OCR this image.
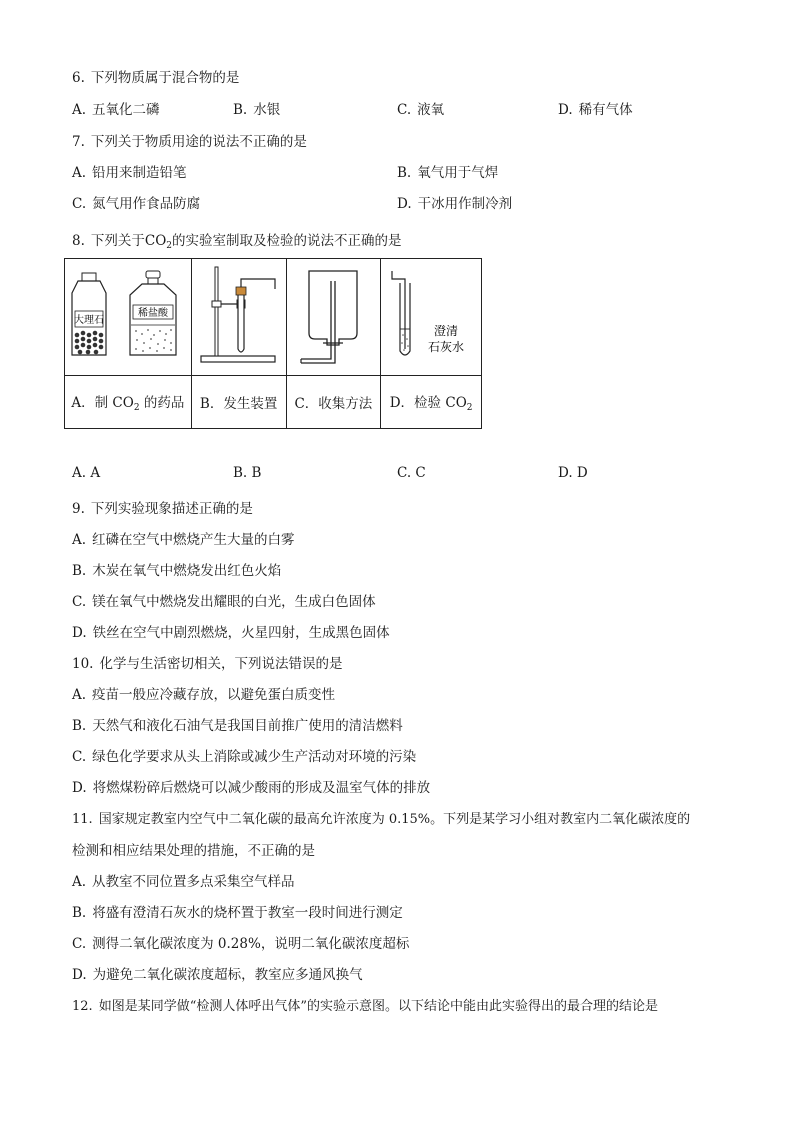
6. 下列物质属于混合物的是
A. 五氧化二磷	B. 水银	C. 液氧	D. 稀有气体
7. 下列关于物质用途的说法不正确的是
A. 铅用来制造铅笔	B. 氧气用于气焊
C. 氮气用作食品防腐	D. 干冰用作制冷剂
8. 下列关于$CO_2$的实验室制取及检验的说法不正确的是
大理石
稀盐酸			澄清
石灰水

A．制 $CO_2$ 的药品	B．发生装置	C．收集方法	D．检验 $CO_2$
A. A	B. B	C. C	D. D
9. 下列实验现象描述正确的是
A. 红磷在空气中燃烧产生大量的白雾
B. 木炭在氧气中燃烧发出红色火焰
C. 镁在氧气中燃烧发出耀眼的白光，生成白色固体
D. 铁丝在空气中剧烈燃烧，火星四射，生成黑色固体
10. 化学与生活密切相关，下列说法错误的是
A. 疫苗一般应冷藏存放，以避免蛋白质变性
B. 天然气和液化石油气是我国目前推广使用的清洁燃料
C. 绿色化学要求从头上消除或减少生产活动对环境的污染
D. 将燃煤粉碎后燃烧可以减少酸雨的形成及温室气体的排放
11. 国家规定教室内空气中二氧化碳的最高允许浓度为 0.15%。下列是某学习小组对教室内二氧化碳浓度的
检测和相应结果处理的措施，不正确的是
A. 从教室不同位置多点采集空气样品
B. 将盛有澄清石灰水的烧杯置于教室一段时间进行测定
C. 测得二氧化碳浓度为 0.28%，说明二氧化碳浓度超标
D. 为避免二氧化碳浓度超标，教室应多通风换气
12. 如图是某同学做“检测人体呼出气体”的实验示意图。以下结论中能由此实验得出的最合理的结论是
